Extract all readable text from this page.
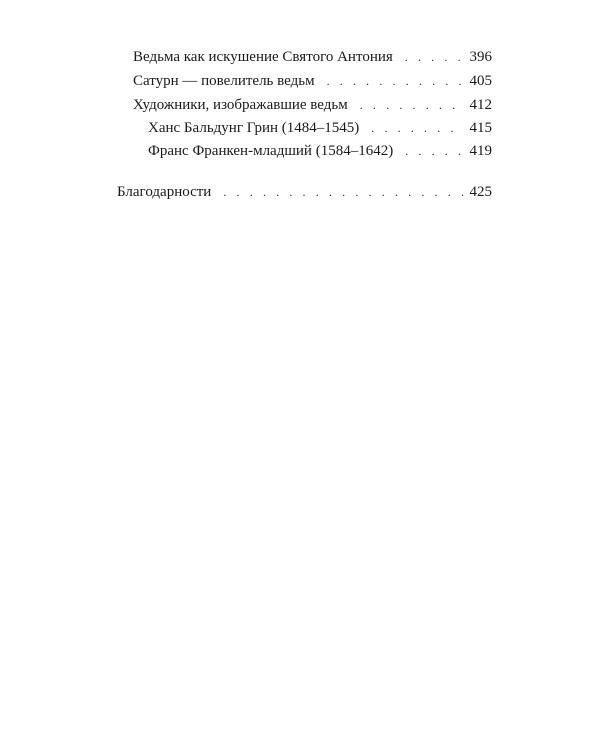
Ведьма как искушение Святого Антония . . .	396
Сатурн — повелитель ведьм . . .	405
Художники, изображавшие ведьм . . .	412
Ханс Бальдунг Грин (1484–1545) . . .	415
Франс Франкен-младший (1584–1642) . . .	419
Благодарности . . .	425
